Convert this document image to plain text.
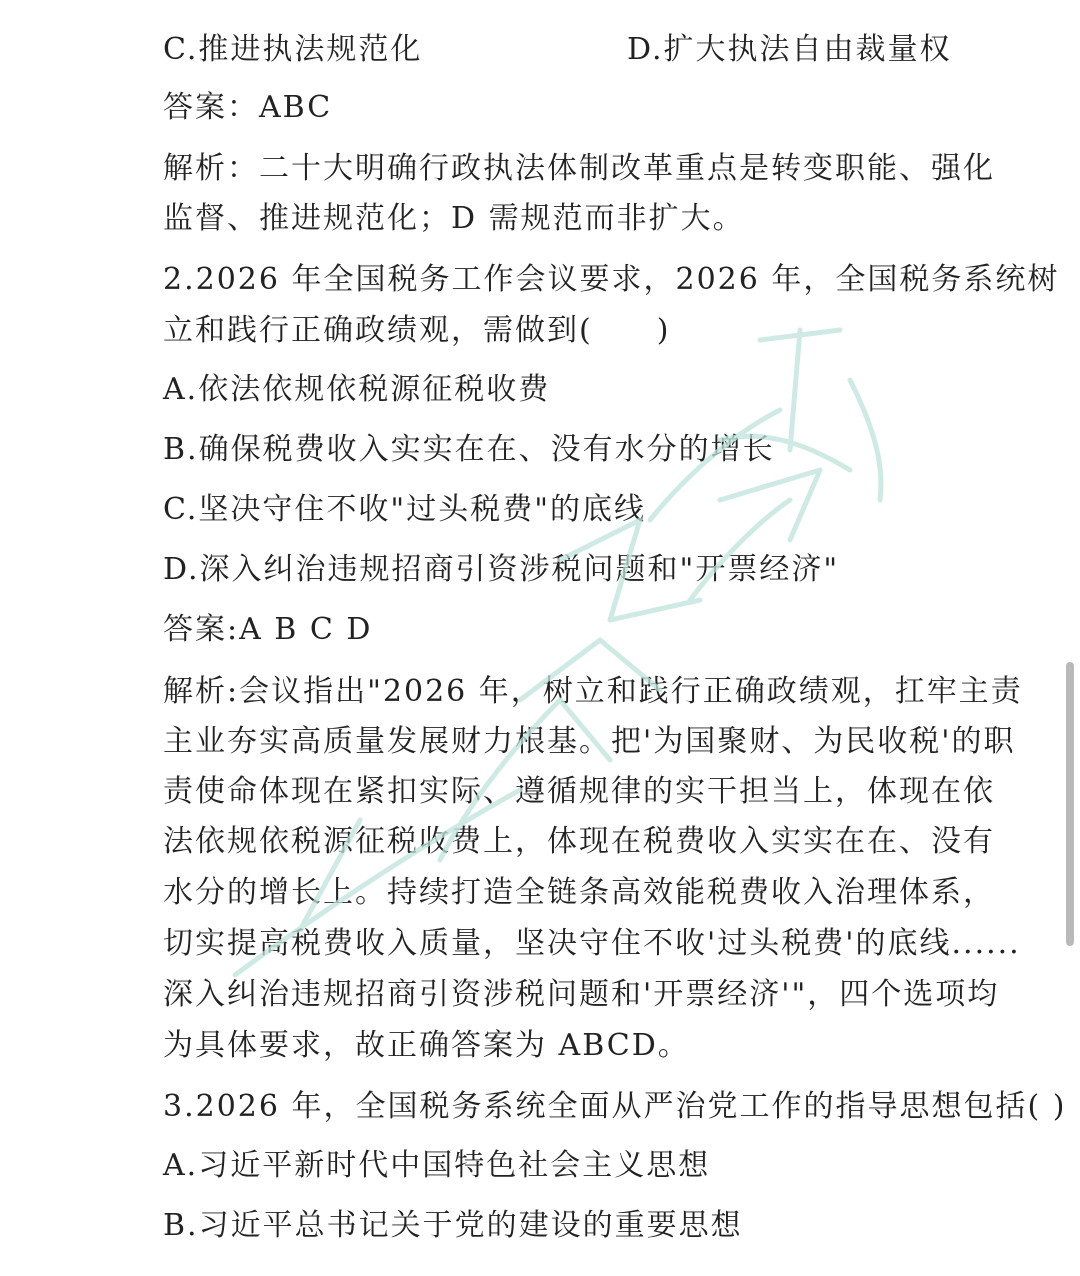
C.推进执法规范化	D.扩大执法自由裁量权
答案：ABC
解析：二十大明确行政执法体制改革重点是转变职能、强化
监督、推进规范化；D 需规范而非扩大。
2.2026 年全国税务工作会议要求，2026 年，全国税务系统树
立和践行正确政绩观，需做到(　　)
A.依法依规依税源征税收费
B.确保税费收入实实在在、没有水分的增长
C.坚决守住不收"过头税费"的底线
D.深入纠治违规招商引资涉税问题和"开票经济"
答案:A B C D
解析:会议指出"2026 年，树立和践行正确政绩观，扛牢主责
主业夯实高质量发展财力根基。把'为国聚财、为民收税'的职
责使命体现在紧扣实际、遵循规律的实干担当上，体现在依
法依规依税源征税收费上，体现在税费收入实实在在、没有
水分的增长上。持续打造全链条高效能税费收入治理体系，
切实提高税费收入质量，坚决守住不收'过头税费'的底线......
深入纠治违规招商引资涉税问题和'开票经济'"，四个选项均
为具体要求，故正确答案为 ABCD。
3.2026 年，全国税务系统全面从严治党工作的指导思想包括( )
A.习近平新时代中国特色社会主义思想
B.习近平总书记关于党的建设的重要思想
